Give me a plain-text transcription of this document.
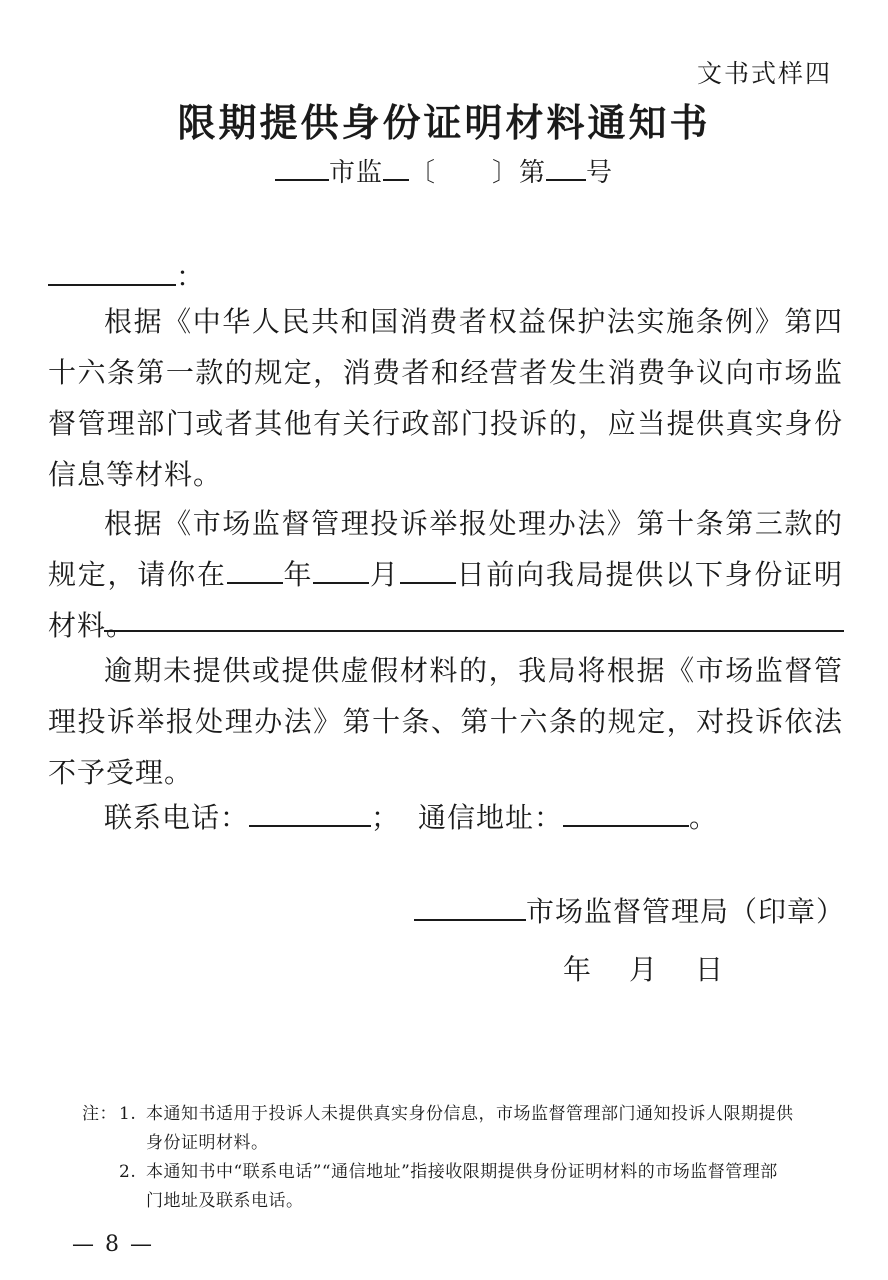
文书式样四
限期提供身份证明材料通知书
市监 〔 〕第 号
：
根据《中华人民共和国消费者权益保护法实施条例》第四十六条第一款的规定，消费者和经营者发生消费争议向市场监督管理部门或者其他有关行政部门投诉的，应当提供真实身份信息等材料。
根据《市场监督管理投诉举报处理办法》第十条第三款的规定，请你在 年 月 日前向我局提供以下身份证明材料。
逾期未提供或提供虚假材料的，我局将根据《市场监督管理投诉举报处理办法》第十条、第十六条的规定，对投诉依法不予受理。
联系电话：	； 通信地址：	。
市场监督管理局（印章）
年 月 日
注： 1. 本通知书适用于投诉人未提供真实身份信息，市场监督管理部门通知投诉人限期提供
身份证明材料。
2. 本通知书中“联系电话”“通信地址”指接收限期提供身份证明材料的市场监督管理部
门地址及联系电话。
— 8 —
